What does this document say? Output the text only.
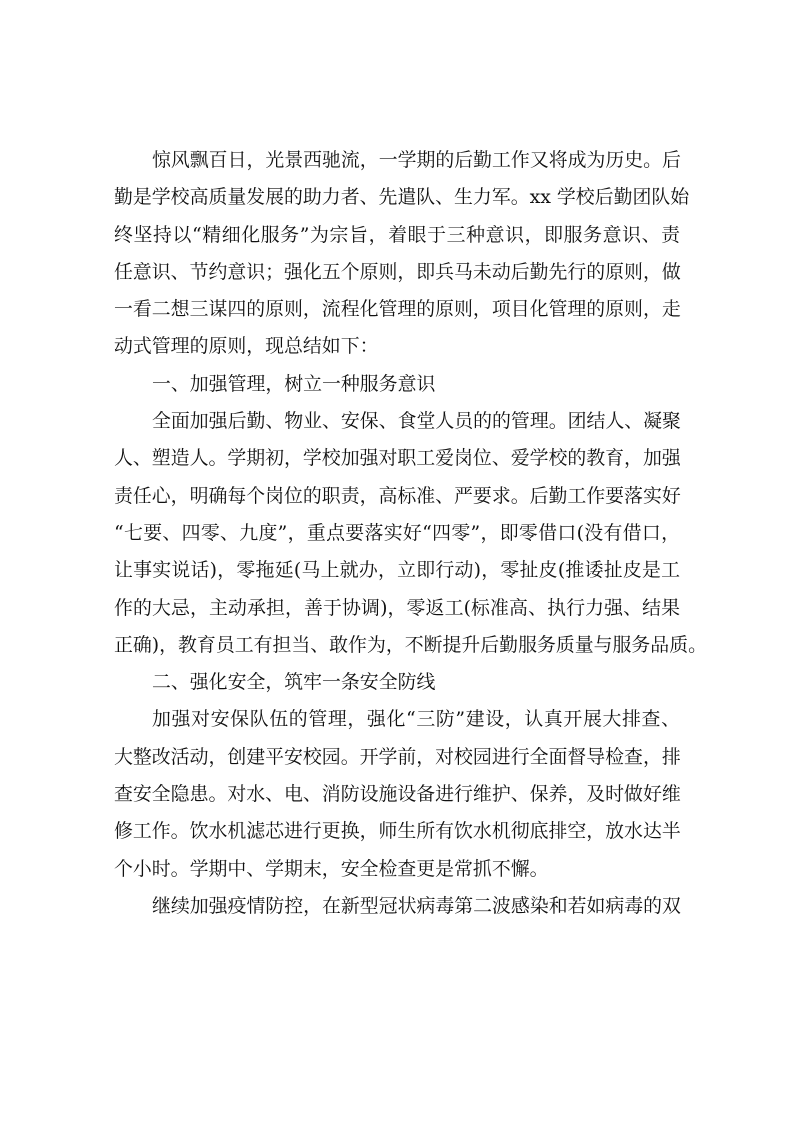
惊风飘百日，光景西驰流，一学期的后勤工作又将成为历史。后
勤是学校高质量发展的助力者、先遣队、生力军。xx 学校后勤团队始
终坚持以“精细化服务”为宗旨，着眼于三种意识，即服务意识、责
任意识、节约意识；强化五个原则，即兵马未动后勤先行的原则，做
一看二想三谋四的原则，流程化管理的原则，项目化管理的原则，走
动式管理的原则，现总结如下：
一、加强管理，树立一种服务意识
全面加强后勤、物业、安保、食堂人员的的管理。团结人、凝聚
人、塑造人。学期初，学校加强对职工爱岗位、爱学校的教育，加强
责任心，明确每个岗位的职责，高标准、严要求。后勤工作要落实好
“七要、四零、九度”，重点要落实好“四零”，即零借口(没有借口，
让事实说话)，零拖延(马上就办，立即行动)，零扯皮(推诿扯皮是工
作的大忌，主动承担，善于协调)，零返工(标准高、执行力强、结果
正确)，教育员工有担当、敢作为，不断提升后勤服务质量与服务品质。
二、强化安全，筑牢一条安全防线
加强对安保队伍的管理，强化“三防”建设，认真开展大排查、
大整改活动，创建平安校园。开学前，对校园进行全面督导检查，排
查安全隐患。对水、电、消防设施设备进行维护、保养，及时做好维
修工作。饮水机滤芯进行更换，师生所有饮水机彻底排空，放水达半
个小时。学期中、学期末，安全检查更是常抓不懈。
继续加强疫情防控，在新型冠状病毒第二波感染和若如病毒的双
